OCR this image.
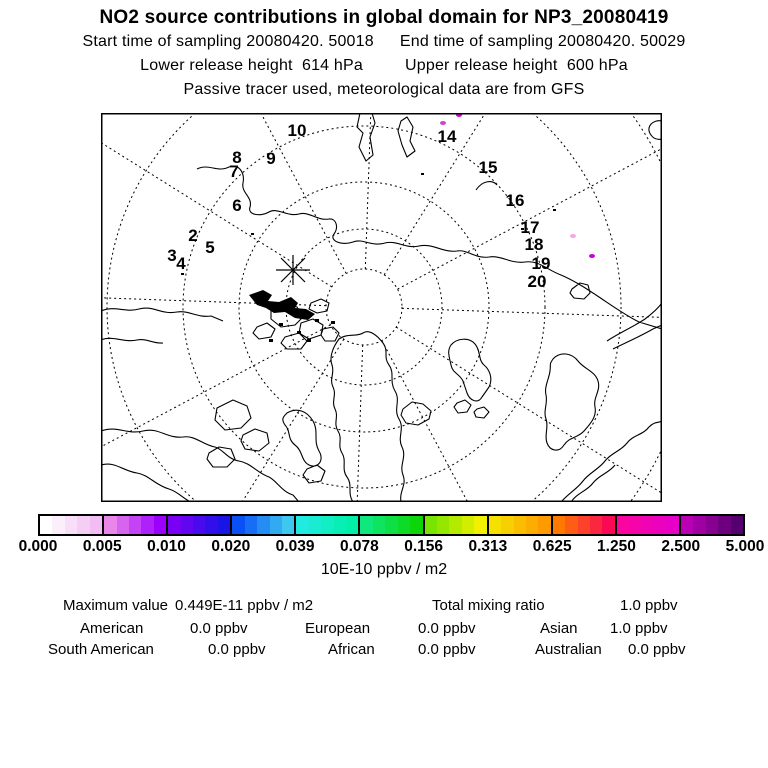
NO2 source contributions in global domain for NP3_20080419
Start time of sampling 20080420. 50018 End time of sampling 20080420. 50029
Lower release height  614 hPa	Upper release height  600 hPa
Passive tracer used, meteorological data are from GFS
2
3 4
5
6
7
8 9
10	14
15
16
17
18
19
20
0.000 0.005 0.010 0.020 0.039 0.078 0.156 0.313 0.625 1.250 2.500 5.000
10E-10 ppbv / m2
Maximum value 0.449E-11 ppbv / m2	Total mixing ratio	1.0 ppbv
American	0.0 ppbv	European	0.0 ppbv	Asian 1.0 ppbv
South American	0.0 ppbv	African	0.0 ppbv	Australian 0.0 ppbv
